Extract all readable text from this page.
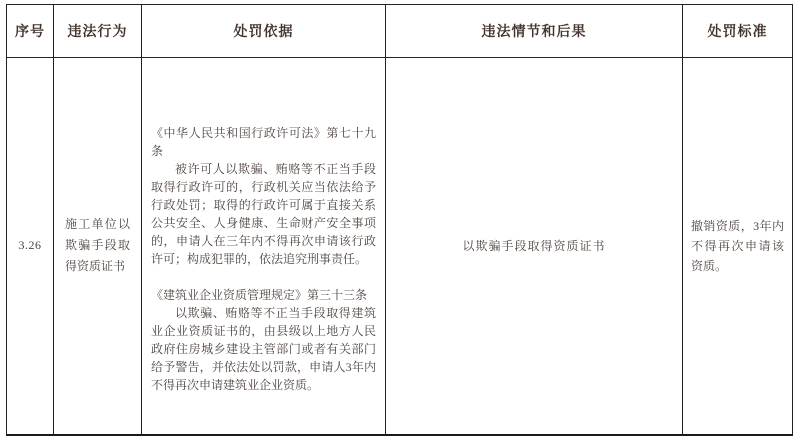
序号	违法行为	处罚依据	违法情节和后果	处罚标准
3.26	施工单位以欺骗手段取得资质证书	《中华人民共和国行政许可法》第七十九条

被许可人以欺骗、贿赂等不正当手段取得行政许可的，行政机关应当依法给予行政处罚；取得的行政许可属于直接关系公共安全、人身健康、生命财产安全事项的，申请人在三年内不得再次申请该行政许可；构成犯罪的，依法追究刑事责任。

《建筑业企业资质管理规定》第三十三条

以欺骗、贿赂等不正当手段取得建筑业企业资质证书的，由县级以上地方人民政府住房城乡建设主管部门或者有关部门给予警告，并依法处以罚款，申请人3年内不得再次申请建筑业企业资质。	以欺骗手段取得资质证书	撤销资质，3年内不得再次申请该资质。
